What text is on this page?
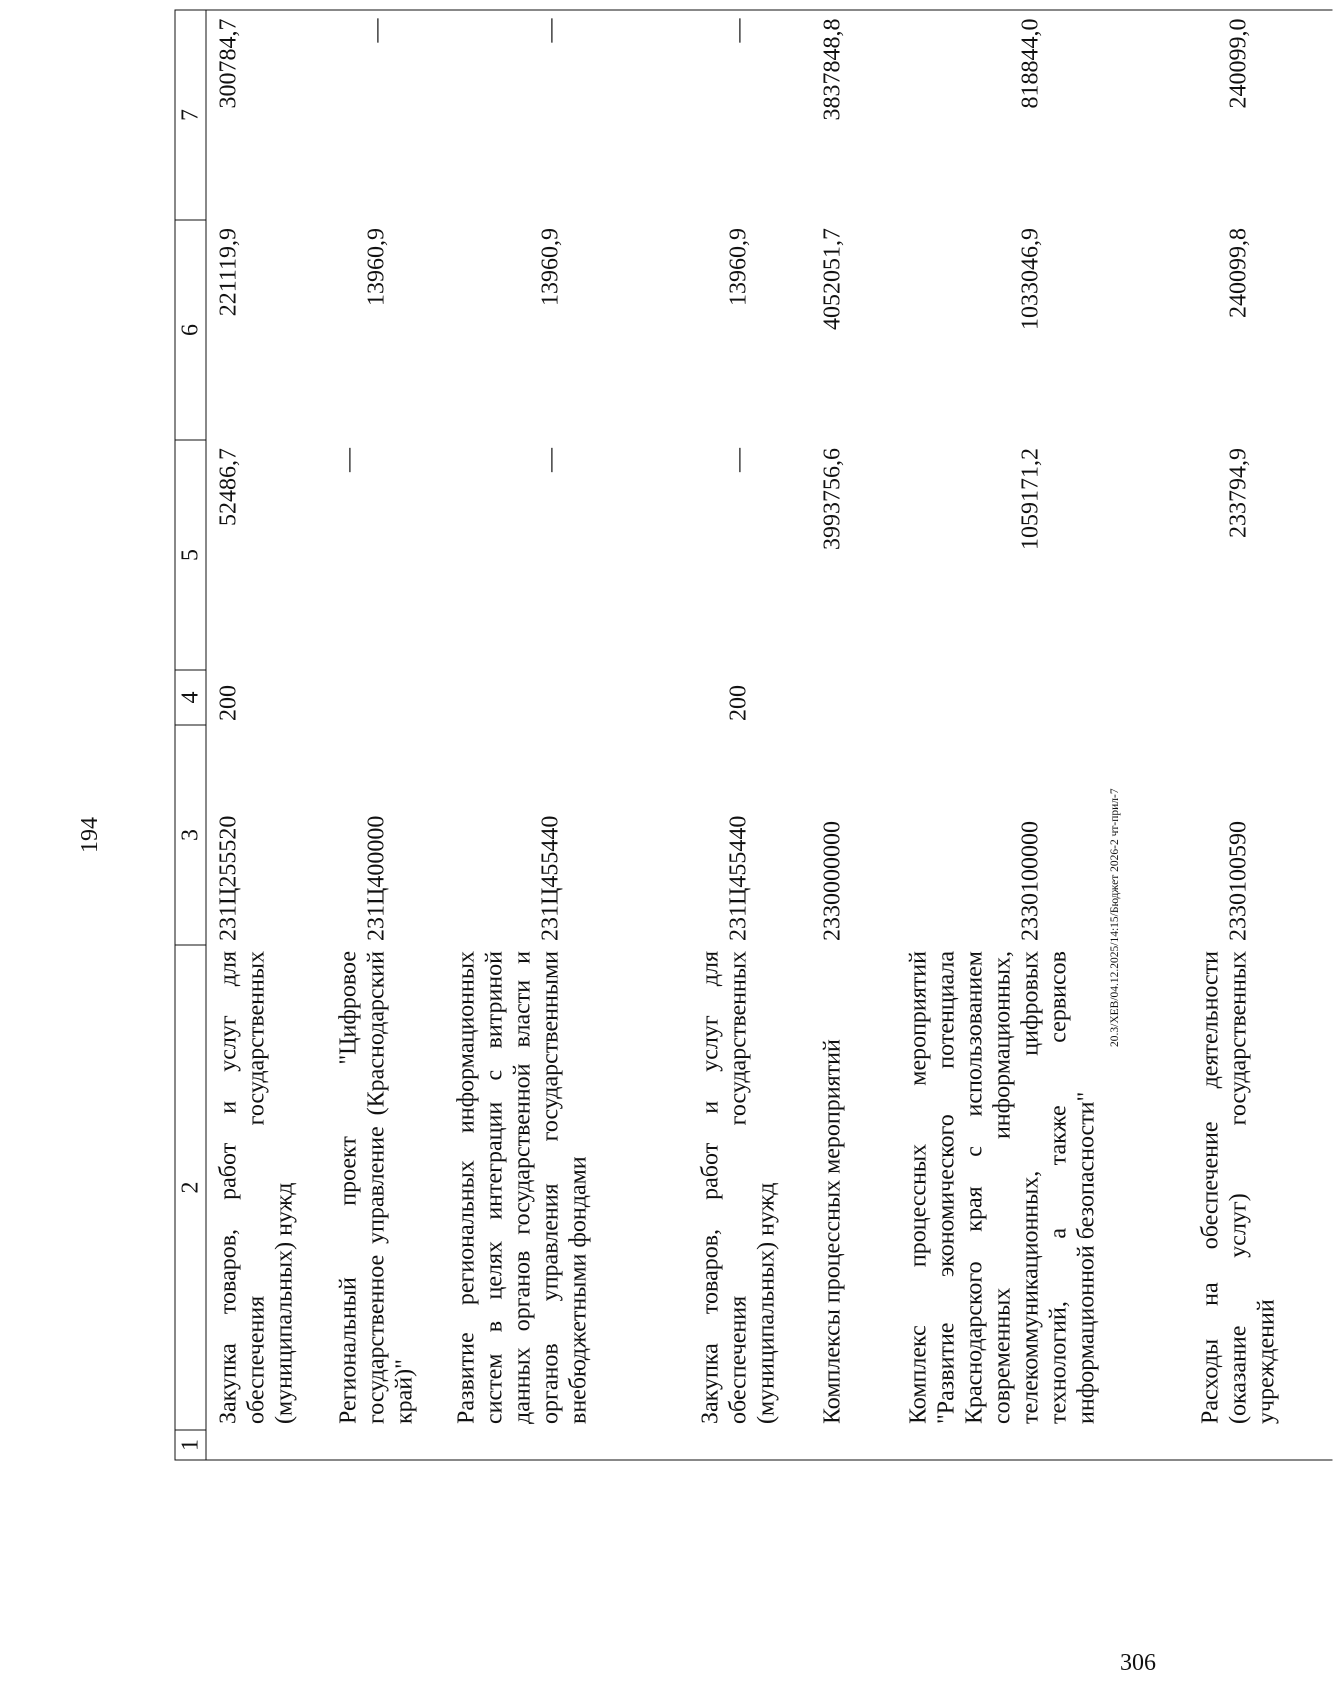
194
1	2	3	4	5	6	7
	Закупка товаров, работ и услуг для обеспечения государственных (муниципальных) нужд	231Ц255520	200	52486,7	221119,9	300784,7
	Региональный проект "Цифровое государственное управление (Краснодарский край)"	231Ц400000		—	13960,9	—
	Развитие региональных информационных систем в целях интеграции с витриной данных органов государственной власти и органов управления государственными внебюджетными фондами	231Ц455440		—	13960,9	—
	Закупка товаров, работ и услуг для обеспечения государственных (муниципальных) нужд	231Ц455440	200	—	13960,9	—
	Комплексы процессных мероприятий	2330000000		3993756,6	4052051,7	3837848,8
	Комплекс процессных мероприятий "Развитие экономического потенциала Краснодарского края с использованием современных информационных, телекоммуникационных, цифровых технологий, а также сервисов информационной безопасности"	2330100000		1059171,2	1033046,9	818844,0
	Расходы на обеспечение деятельности (оказание услуг) государственных учреждений	2330100590		233794,9	240099,8	240099,0
20.3/XEB/04.12.2025/14:15/Бюджет 2026-2 чт-прил-7
306
